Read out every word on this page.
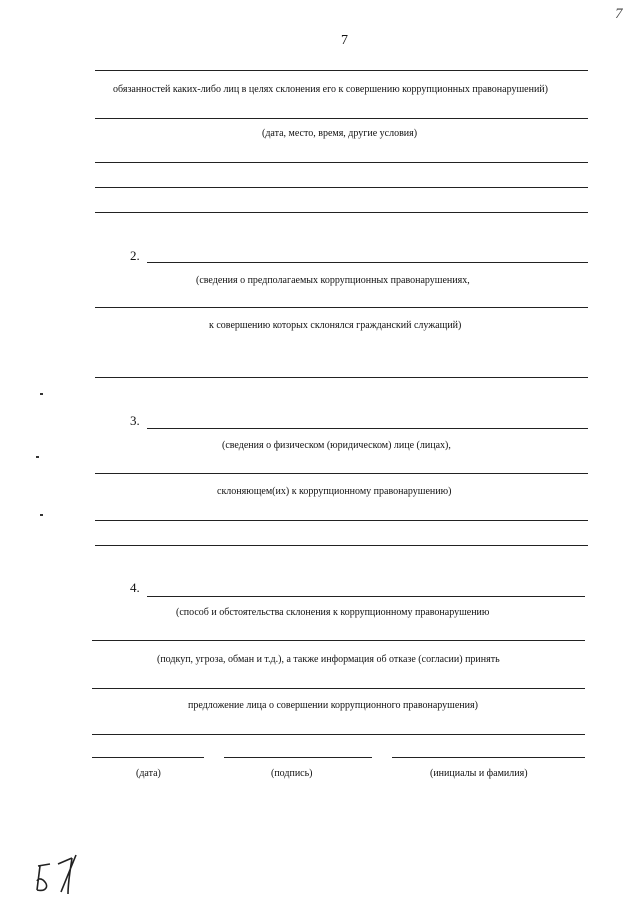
7
7
обязанностей каких-либо лиц в целях склонения его к совершению коррупционных правонарушений)
(дата, место, время, другие условия)
2.
(сведения о предполагаемых коррупционных правонарушениях,
к совершению которых склонялся гражданский служащий)
3.
(сведения о физическом (юридическом) лице (лицах),
склоняющем(их) к коррупционному правонарушению)
4.
(способ и обстоятельства склонения к коррупционному правонарушению
(подкуп, угроза, обман и т.д.), а также информация об отказе (согласии) принять
предложение лица о совершении коррупционного правонарушения)
(дата)	(подпись)	(инициалы и фамилия)
